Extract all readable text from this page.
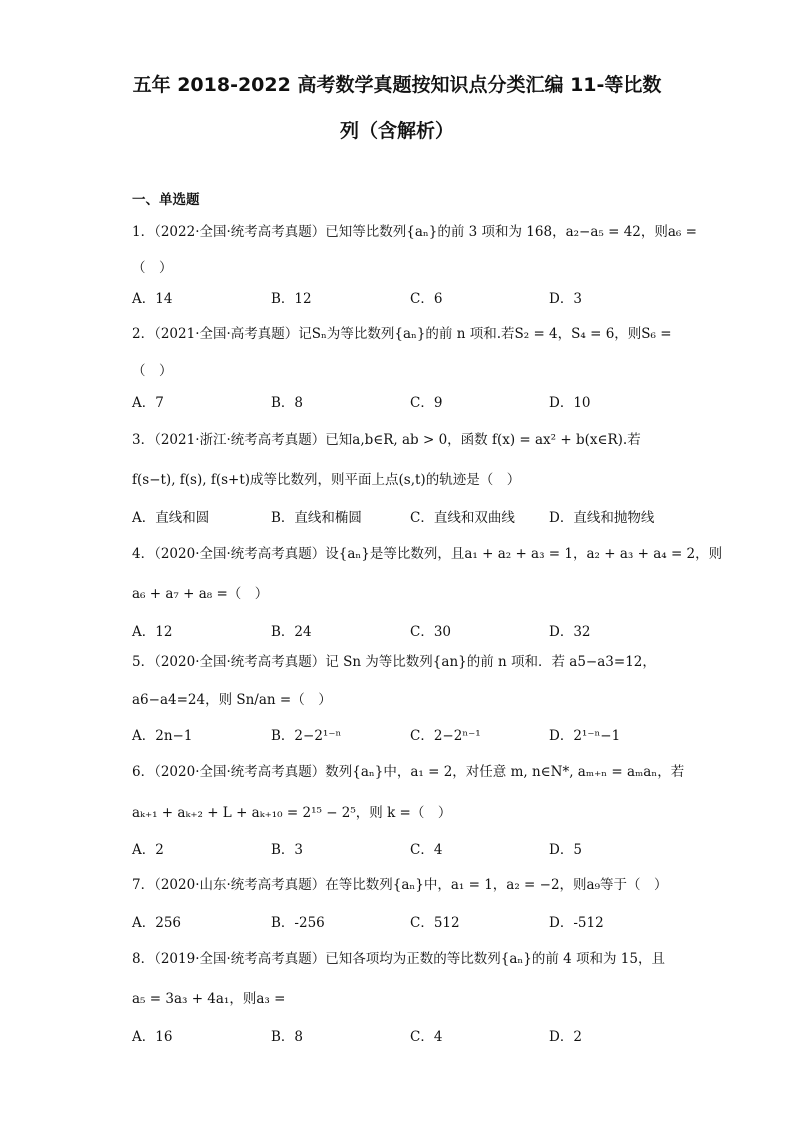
五年 2018-2022 高考数学真题按知识点分类汇编 11-等比数
列（含解析）
一、单选题
1．（2022·全国·统考高考真题）已知等比数列{aₙ}的前 3 项和为 168，a₂−a₅ = 42，则a₆ =
（　）
A．14	B．12	C．6	D．3
2．（2021·全国·高考真题）记Sₙ为等比数列{aₙ}的前 n 项和.若S₂ = 4，S₄ = 6，则S₆ =
（　）
A．7	B．8	C．9	D．10
3．（2021·浙江·统考高考真题）已知a,b∈R, ab > 0，函数 f(x) = ax² + b(x∈R).若
f(s−t), f(s), f(s+t)成等比数列，则平面上点(s,t)的轨迹是（　）
A．直线和圆	B．直线和椭圆	C．直线和双曲线	D．直线和抛物线
4．（2020·全国·统考高考真题）设{aₙ}是等比数列，且a₁ + a₂ + a₃ = 1，a₂ + a₃ + a₄ = 2，则
a₆ + a₇ + a₈ =（　）
A．12	B．24	C．30	D．32
5．（2020·全国·统考高考真题）记 Sn 为等比数列{an}的前 n 项和．若 a5−a3=12，
a6−a4=24，则 Sn/an =（　）
A．2n−1	B．2−2¹⁻ⁿ	C．2−2ⁿ⁻¹	D．2¹⁻ⁿ−1
6．（2020·全国·统考高考真题）数列{aₙ}中，a₁ = 2，对任意 m, n∈N*, aₘ₊ₙ = aₘaₙ，若
aₖ₊₁ + aₖ₊₂ + L + aₖ₊₁₀ = 2¹⁵ − 2⁵，则 k =（　）
A．2	B．3	C．4	D．5
7．（2020·山东·统考高考真题）在等比数列{aₙ}中，a₁ = 1，a₂ = −2，则a₉等于（　）
A．256	B．-256	C．512	D．-512
8．（2019·全国·统考高考真题）已知各项均为正数的等比数列{aₙ}的前 4 项和为 15，且
a₅ = 3a₃ + 4a₁，则a₃ =
A．16	B．8	C．4	D．2
